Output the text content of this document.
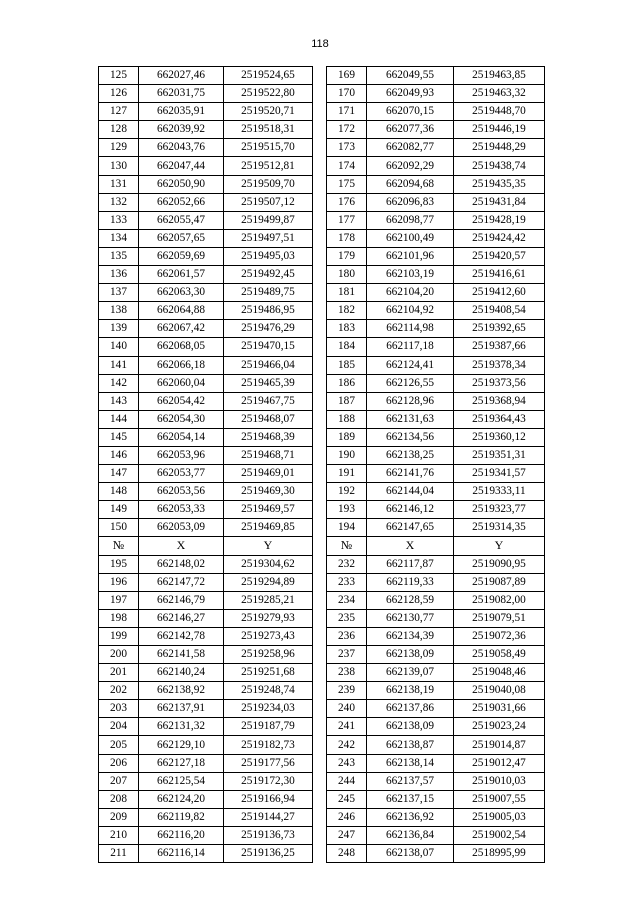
118
125	662027,46	2519524,65		169	662049,55	2519463,85
126	662031,75	2519522,80		170	662049,93	2519463,32
127	662035,91	2519520,71		171	662070,15	2519448,70
128	662039,92	2519518,31		172	662077,36	2519446,19
129	662043,76	2519515,70		173	662082,77	2519448,29
130	662047,44	2519512,81		174	662092,29	2519438,74
131	662050,90	2519509,70		175	662094,68	2519435,35
132	662052,66	2519507,12		176	662096,83	2519431,84
133	662055,47	2519499,87		177	662098,77	2519428,19
134	662057,65	2519497,51		178	662100,49	2519424,42
135	662059,69	2519495,03		179	662101,96	2519420,57
136	662061,57	2519492,45		180	662103,19	2519416,61
137	662063,30	2519489,75		181	662104,20	2519412,60
138	662064,88	2519486,95		182	662104,92	2519408,54
139	662067,42	2519476,29		183	662114,98	2519392,65
140	662068,05	2519470,15		184	662117,18	2519387,66
141	662066,18	2519466,04		185	662124,41	2519378,34
142	662060,04	2519465,39		186	662126,55	2519373,56
143	662054,42	2519467,75		187	662128,96	2519368,94
144	662054,30	2519468,07		188	662131,63	2519364,43
145	662054,14	2519468,39		189	662134,56	2519360,12
146	662053,96	2519468,71		190	662138,25	2519351,31
147	662053,77	2519469,01		191	662141,76	2519341,57
148	662053,56	2519469,30		192	662144,04	2519333,11
149	662053,33	2519469,57		193	662146,12	2519323,77
150	662053,09	2519469,85		194	662147,65	2519314,35
№	X	Y		№	X	Y
195	662148,02	2519304,62		232	662117,87	2519090,95
196	662147,72	2519294,89		233	662119,33	2519087,89
197	662146,79	2519285,21		234	662128,59	2519082,00
198	662146,27	2519279,93		235	662130,77	2519079,51
199	662142,78	2519273,43		236	662134,39	2519072,36
200	662141,58	2519258,96		237	662138,09	2519058,49
201	662140,24	2519251,68		238	662139,07	2519048,46
202	662138,92	2519248,74		239	662138,19	2519040,08
203	662137,91	2519234,03		240	662137,86	2519031,66
204	662131,32	2519187,79		241	662138,09	2519023,24
205	662129,10	2519182,73		242	662138,87	2519014,87
206	662127,18	2519177,56		243	662138,14	2519012,47
207	662125,54	2519172,30		244	662137,57	2519010,03
208	662124,20	2519166,94		245	662137,15	2519007,55
209	662119,82	2519144,27		246	662136,92	2519005,03
210	662116,20	2519136,73		247	662136,84	2519002,54
211	662116,14	2519136,25		248	662138,07	2518995,99
